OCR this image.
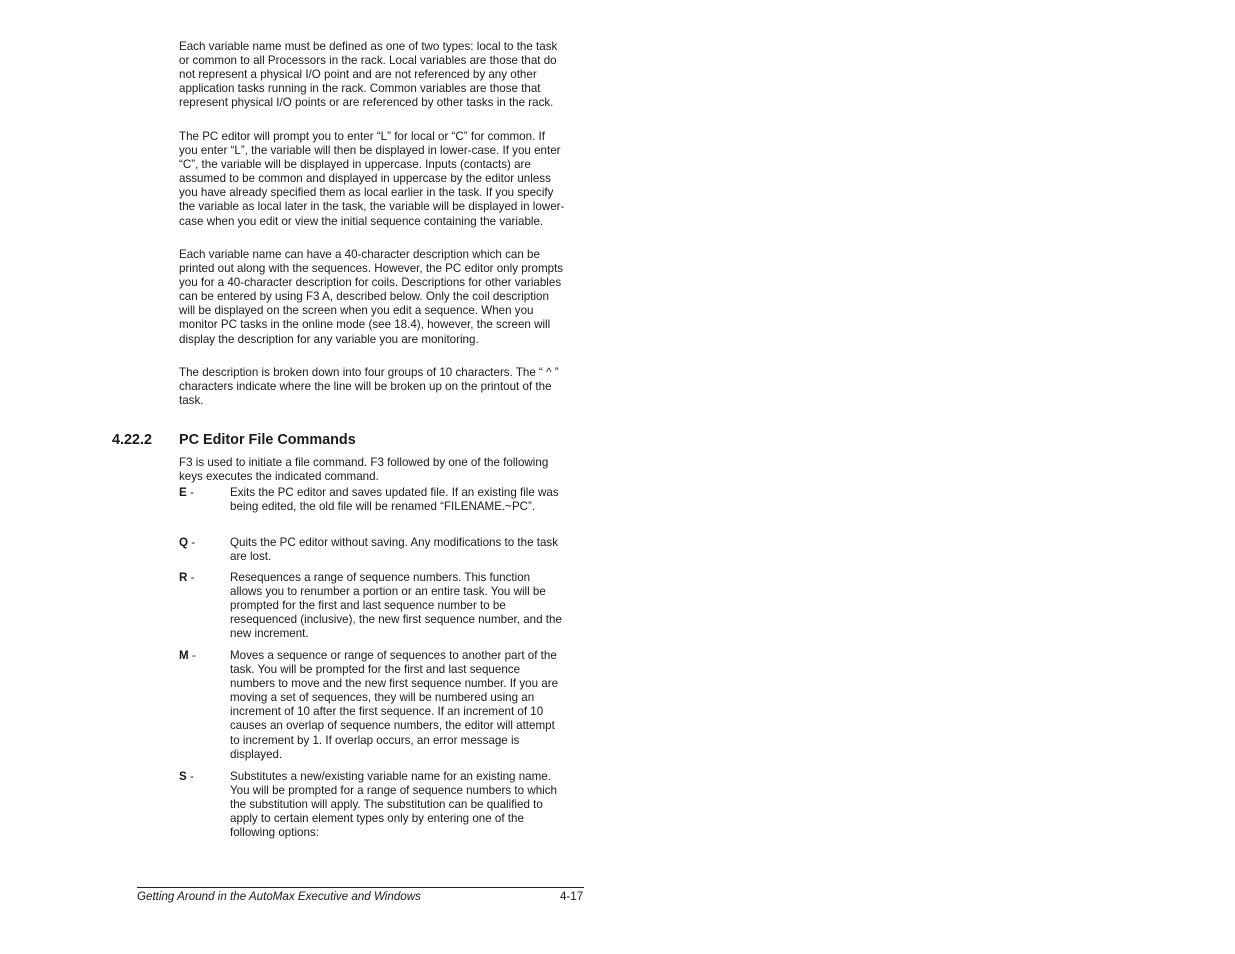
Each variable name must be defined as one of two types: local to the task or common to all Processors in the rack. Local variables are those that do not represent a physical I/O point and are not referenced by any other application tasks running in the rack. Common variables are those that represent physical I/O points or are referenced by other tasks in the rack.

The PC editor will prompt you to enter “L” for local or “C” for common. If you enter “L”, the variable will then be displayed in lower-case. If you enter “C”, the variable will be displayed in uppercase. Inputs (contacts) are assumed to be common and displayed in uppercase by the editor unless you have already specified them as local earlier in the task. If you specify the variable as local later in the task, the variable will be displayed in lower-case when you edit or view the initial sequence containing the variable.

Each variable name can have a 40-character description which can be printed out along with the sequences. However, the PC editor only prompts you for a 40-character description for coils. Descriptions for other variables can be entered by using F3 A, described below. Only the coil description will be displayed on the screen when you edit a sequence. When you monitor PC tasks in the online mode (see 18.4), however, the screen will display the description for any variable you are monitoring.

The description is broken down into four groups of 10 characters. The “ ^ ” characters indicate where the line will be broken up on the printout of the task.

4.22.2 PC Editor File Commands

F3 is used to initiate a file command. F3 followed by one of the following keys executes the indicated command.

E -	Exits the PC editor and saves updated file. If an existing file was being edited, the old file will be renamed “FILENAME.~PC”.
Q -	Quits the PC editor without saving. Any modifications to the task are lost.
R -	Resequences a range of sequence numbers. This function allows you to renumber a portion or an entire task. You will be prompted for the first and last sequence number to be resequenced (inclusive), the new first sequence number, and the new increment.
M -	Moves a sequence or range of sequences to another part of the task. You will be prompted for the first and last sequence numbers to move and the new first sequence number. If you are moving a set of sequences, they will be numbered using an increment of 10 after the first sequence. If an increment of 10 causes an overlap of sequence numbers, the editor will attempt to increment by 1. If overlap occurs, an error message is displayed.
S -	Substitutes a new/existing variable name for an existing name. You will be prompted for a range of sequence numbers to which the substitution will apply. The substitution can be qualified to apply to certain element types only by entering one of the following options:
Getting Around in the AutoMax Executive and Windows	4-17
